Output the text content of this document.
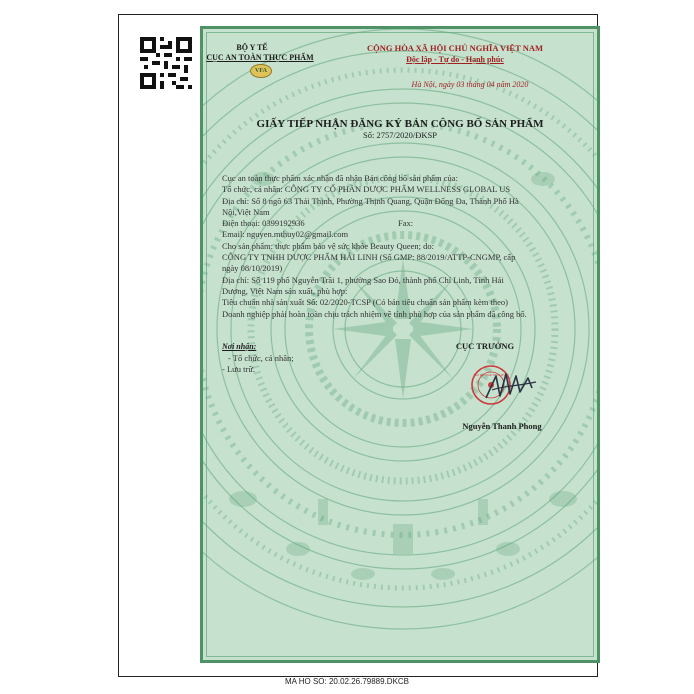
BỘ Y TẾ
CỤC AN TOÀN THỰC PHẨM
VFA
CỘNG HÒA XÃ HỘI CHỦ NGHĨA VIỆT NAM
Độc lập - Tự do - Hạnh phúc
Hà Nội, ngày 03 tháng 04 năm 2020
GIẤY TIẾP NHẬN ĐĂNG KÝ BẢN CÔNG BỐ SẢN PHẨM
Số: 2757/2020/ĐKSP
Cục an toàn thực phẩm xác nhận đã nhận Bản công bố sản phẩm của:
Tổ chức, cá nhân: CÔNG TY CỔ PHẦN DƯỢC PHẨM WELLNESS GLOBAL US
Địa chỉ: Số 8 ngõ 63 Thái Thịnh, Phường Thịnh Quang, Quận Đống Đa, Thành Phố Hà
Nội,Việt Nam
Điện thoại: 0399192936	Fax:
Email: nguyen.mthuy02@gmail.com
Cho sản phẩm: thực phẩm bảo vệ sức khỏe Beauty Queen; do:
CÔNG TY TNHH DƯỢC PHẨM HẢI LINH (Số GMP: 88/2019/ATTP-CNGMP, cấp
ngày 08/10/2019)
Địa chỉ: Số 119 phố Nguyễn Trãi 1, phường Sao Đỏ, thành phố Chí Linh, Tỉnh Hải
Dương, Việt Nam sản xuất, phù hợp:
Tiêu chuẩn nhà sản xuất Số: 02/2020-TCSP (Có bản tiêu chuẩn sản phẩm kèm theo)
Doanh nghiệp phải hoàn toàn chịu trách nhiệm về tính phù hợp của sản phẩm đã công bố.
Nơi nhận:
- Tổ chức, cá nhân;
- Lưu trữ.
CỤC TRƯỞNG
CỤC AN TOÀN THỰC PHẨM
Nguyễn Thanh Phong
MA HO SO: 20.02.26.79889.DKCB
